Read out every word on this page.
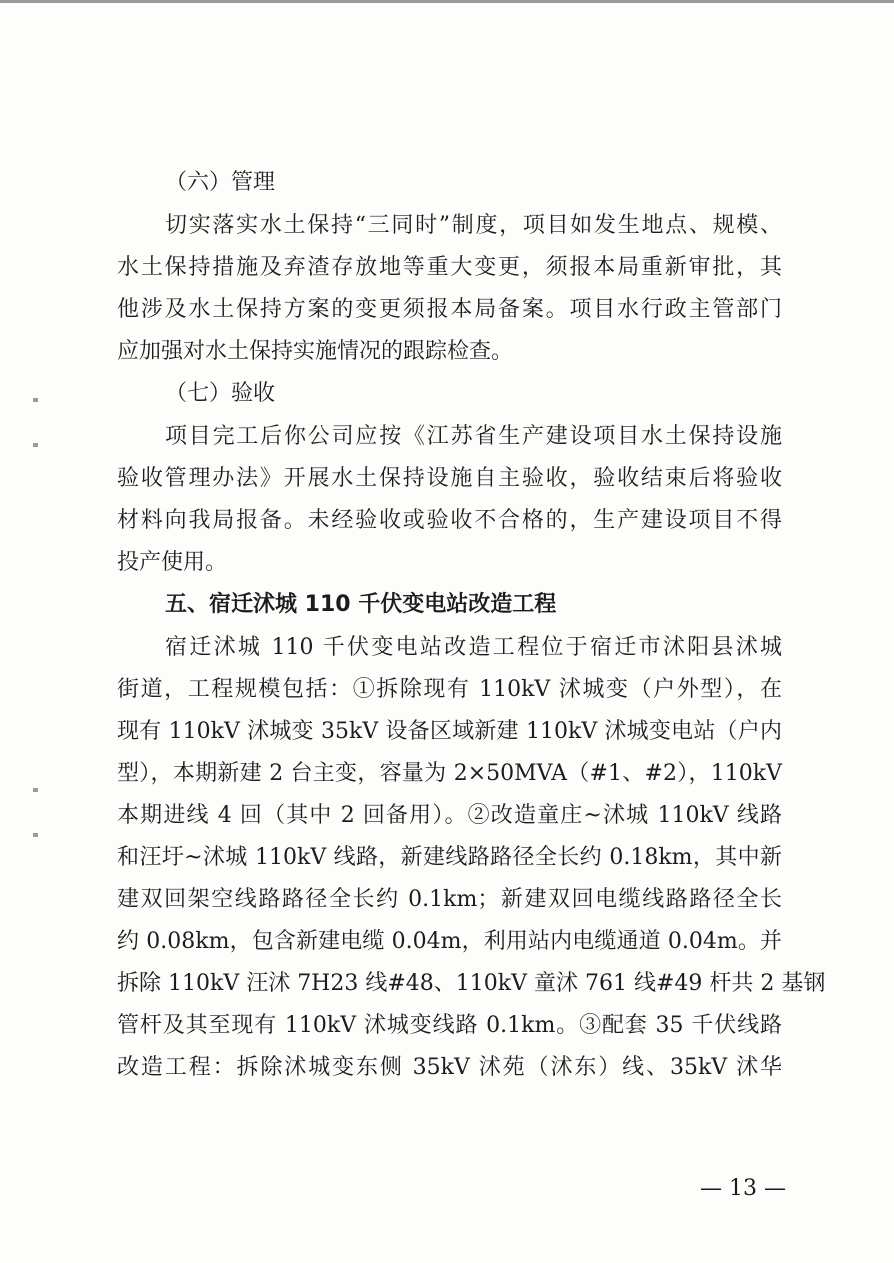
（六）管理
切实落实水土保持“三同时”制度，项目如发生地点、规模、
水土保持措施及弃渣存放地等重大变更，须报本局重新审批，其
他涉及水土保持方案的变更须报本局备案。项目水行政主管部门
应加强对水土保持实施情况的跟踪检查。
（七）验收
项目完工后你公司应按《江苏省生产建设项目水土保持设施
验收管理办法》开展水土保持设施自主验收，验收结束后将验收
材料向我局报备。未经验收或验收不合格的，生产建设项目不得
投产使用。
五、宿迁沭城 110 千伏变电站改造工程
宿迁沭城 110 千伏变电站改造工程位于宿迁市沭阳县沭城
街道，工程规模包括：①拆除现有 110kV 沭城变（户外型），在
现有 110kV 沭城变 35kV 设备区域新建 110kV 沭城变电站（户内
型），本期新建 2 台主变，容量为 2×50MVA（#1、#2），110kV
本期进线 4 回（其中 2 回备用）。②改造童庄~沭城 110kV 线路
和汪圩~沭城 110kV 线路，新建线路路径全长约 0.18km，其中新
建双回架空线路路径全长约 0.1km；新建双回电缆线路路径全长
约 0.08km，包含新建电缆 0.04m，利用站内电缆通道 0.04m。并
拆除 110kV 汪沭 7H23 线#48、110kV 童沭 761 线#49 杆共 2 基钢
管杆及其至现有 110kV 沭城变线路 0.1km。③配套 35 千伏线路
改造工程：拆除沭城变东侧 35kV 沭苑（沭东）线、35kV 沭华
— 13 —
